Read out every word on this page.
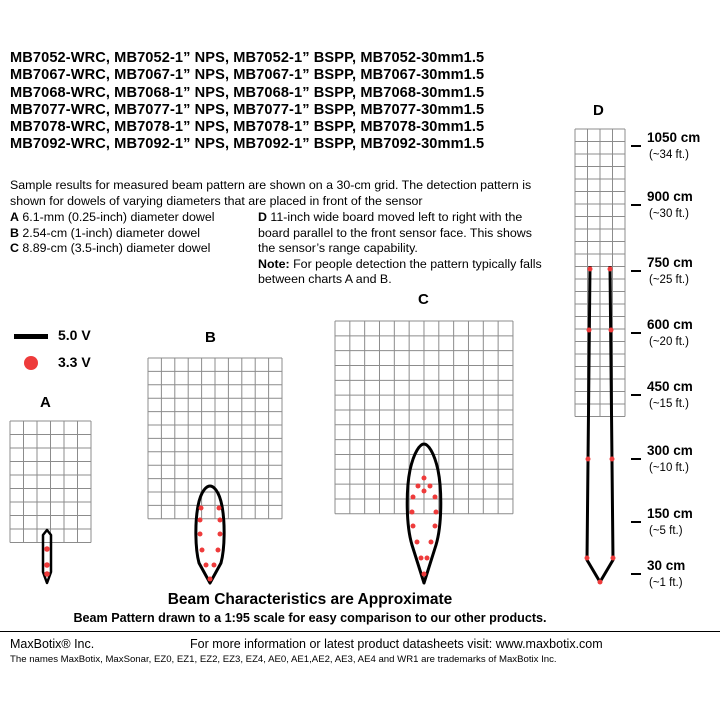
MB7052-WRC, MB7052-1” NPS, MB7052-1” BSPP, MB7052-30mm1.5
MB7067-WRC, MB7067-1” NPS, MB7067-1” BSPP, MB7067-30mm1.5
MB7068-WRC, MB7068-1” NPS, MB7068-1” BSPP, MB7068-30mm1.5
MB7077-WRC, MB7077-1” NPS, MB7077-1” BSPP, MB7077-30mm1.5
MB7078-WRC, MB7078-1” NPS, MB7078-1” BSPP, MB7078-30mm1.5
MB7092-WRC, MB7092-1” NPS, MB7092-1” BSPP, MB7092-30mm1.5
Sample results for measured beam pattern are shown on a 30-cm grid. The detection pattern is shown for dowels of varying diameters that are placed in front of the sensor
A 6.1-mm (0.25-inch) diameter dowel
B 2.54-cm (1-inch) diameter dowel
C 8.89-cm (3.5-inch) diameter dowel
D 11-inch wide board moved left to right with the board parallel to the front sensor face. This shows the sensor’s range capability.
Note: For people detection the pattern typically falls between charts A and B.
5.0 V
3.3 V
A
B
C
D
1050 cm
(~34 ft.)
900 cm
(~30 ft.)
750 cm
(~25 ft.)
600 cm
(~20 ft.)
450 cm
(~15 ft.)
300 cm
(~10 ft.)
150 cm
(~5 ft.)
30 cm
(~1 ft.)
Beam Characteristics are Approximate
Beam Pattern drawn to a 1:95 scale for easy comparison to our other products.
MaxBotix® Inc.	For more information or latest product datasheets visit: www.maxbotix.com
The names MaxBotix, MaxSonar, EZ0, EZ1, EZ2, EZ3, EZ4, AE0, AE1,AE2, AE3, AE4 and WR1 are trademarks of MaxBotix Inc.
